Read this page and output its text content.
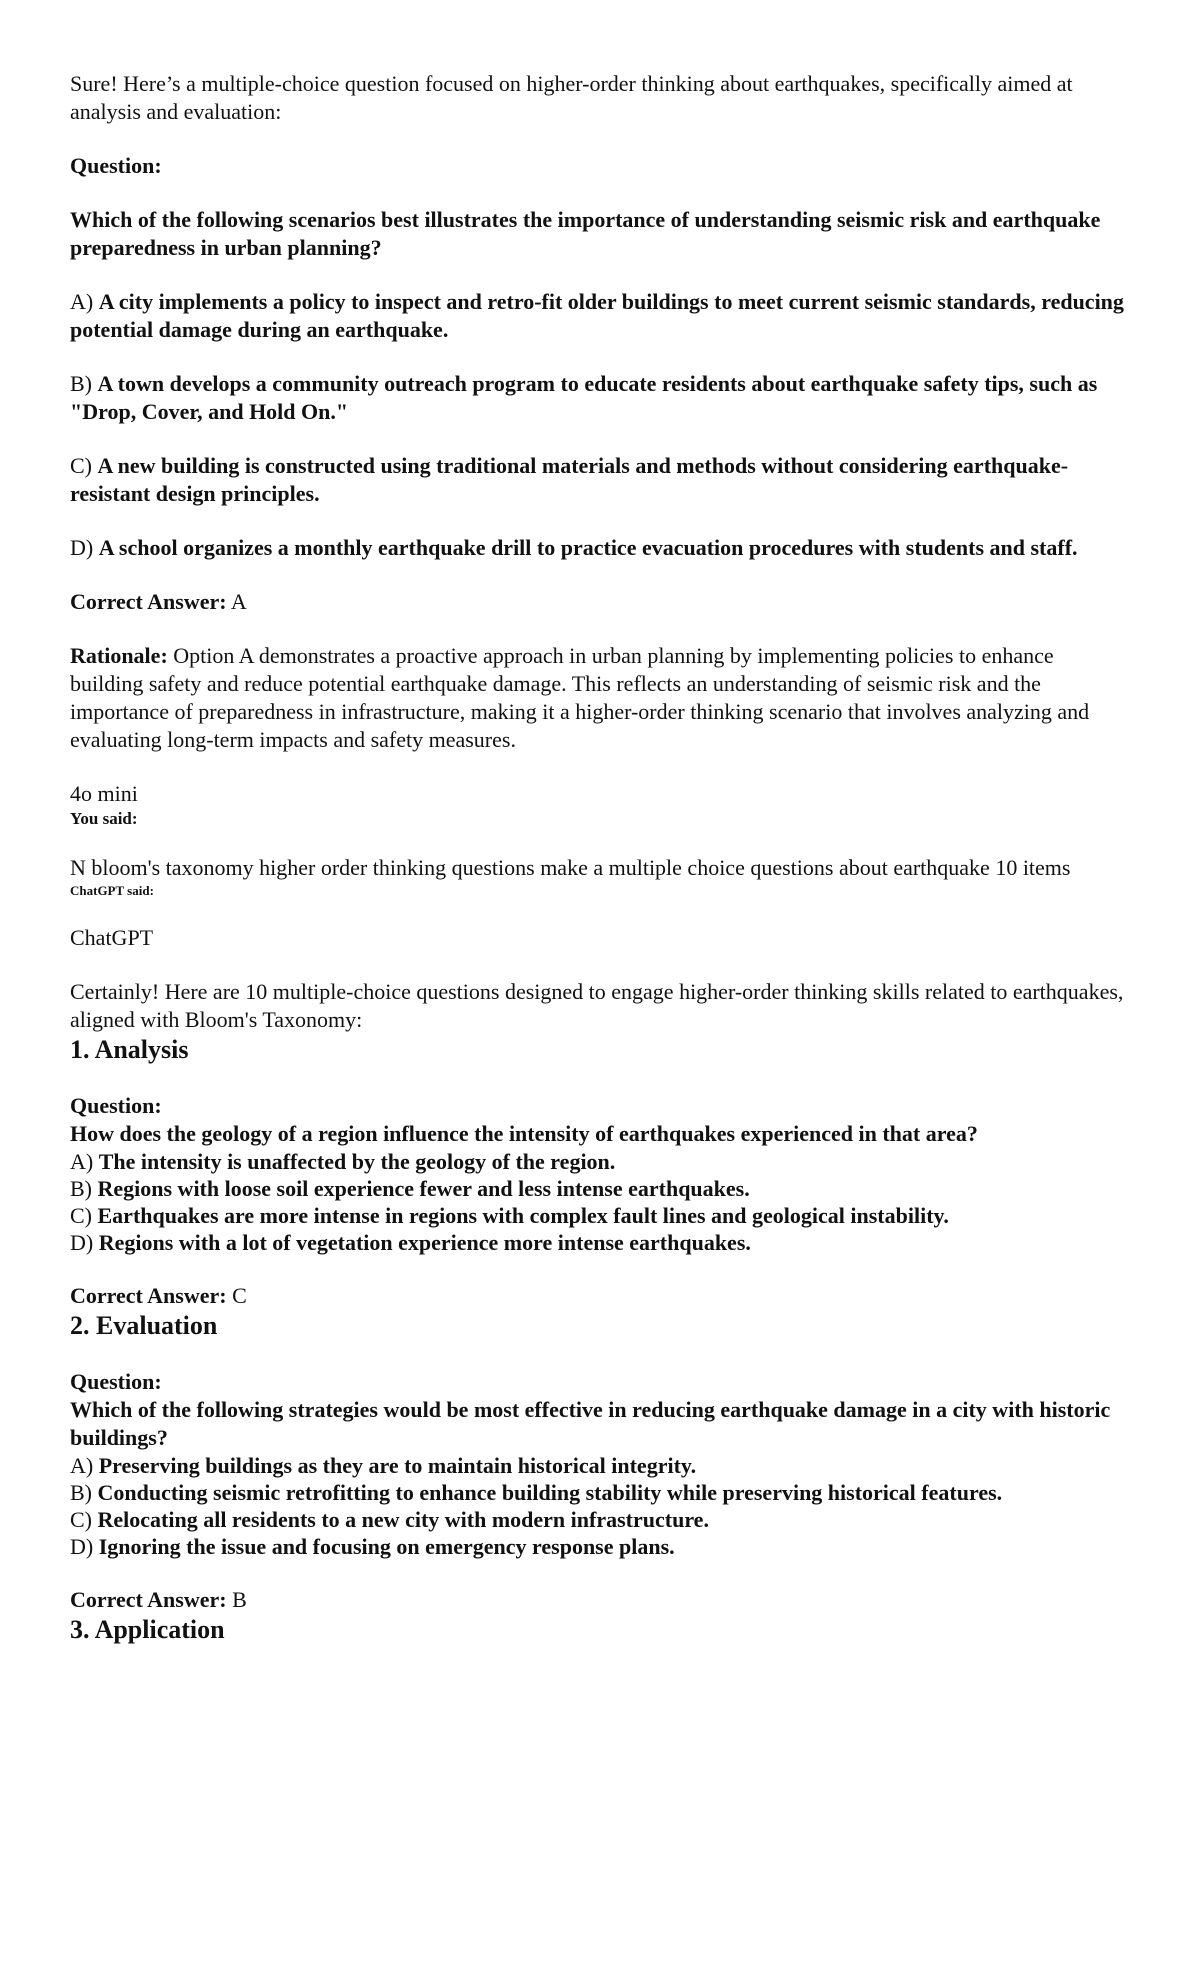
Sure! Here’s a multiple-choice question focused on higher-order thinking about earthquakes, specifically aimed at analysis and evaluation:

Question:

Which of the following scenarios best illustrates the importance of understanding seismic risk and earthquake preparedness in urban planning?

A) A city implements a policy to inspect and retro-fit older buildings to meet current seismic standards, reducing potential damage during an earthquake.

B) A town develops a community outreach program to educate residents about earthquake safety tips, such as "Drop, Cover, and Hold On."

C) A new building is constructed using traditional materials and methods without considering earthquake-resistant design principles.

D) A school organizes a monthly earthquake drill to practice evacuation procedures with students and staff.

Correct Answer: A

Rationale: Option A demonstrates a proactive approach in urban planning by implementing policies to enhance building safety and reduce potential earthquake damage. This reflects an understanding of seismic risk and the importance of preparedness in infrastructure, making it a higher-order thinking scenario that involves analyzing and evaluating long-term impacts and safety measures.

4o mini

You said:

N bloom's taxonomy higher order thinking questions make a multiple choice questions about earthquake 10 items

ChatGPT said:

ChatGPT

Certainly! Here are 10 multiple-choice questions designed to engage higher-order thinking skills related to earthquakes, aligned with Bloom's Taxonomy:

1. Analysis

Question:

How does the geology of a region influence the intensity of earthquakes experienced in that area?

A) The intensity is unaffected by the geology of the region.

B) Regions with loose soil experience fewer and less intense earthquakes.

C) Earthquakes are more intense in regions with complex fault lines and geological instability.

D) Regions with a lot of vegetation experience more intense earthquakes.

Correct Answer: C

2. Evaluation

Question:

Which of the following strategies would be most effective in reducing earthquake damage in a city with historic buildings?

A) Preserving buildings as they are to maintain historical integrity.

B) Conducting seismic retrofitting to enhance building stability while preserving historical features.

C) Relocating all residents to a new city with modern infrastructure.

D) Ignoring the issue and focusing on emergency response plans.

Correct Answer: B

3. Application
